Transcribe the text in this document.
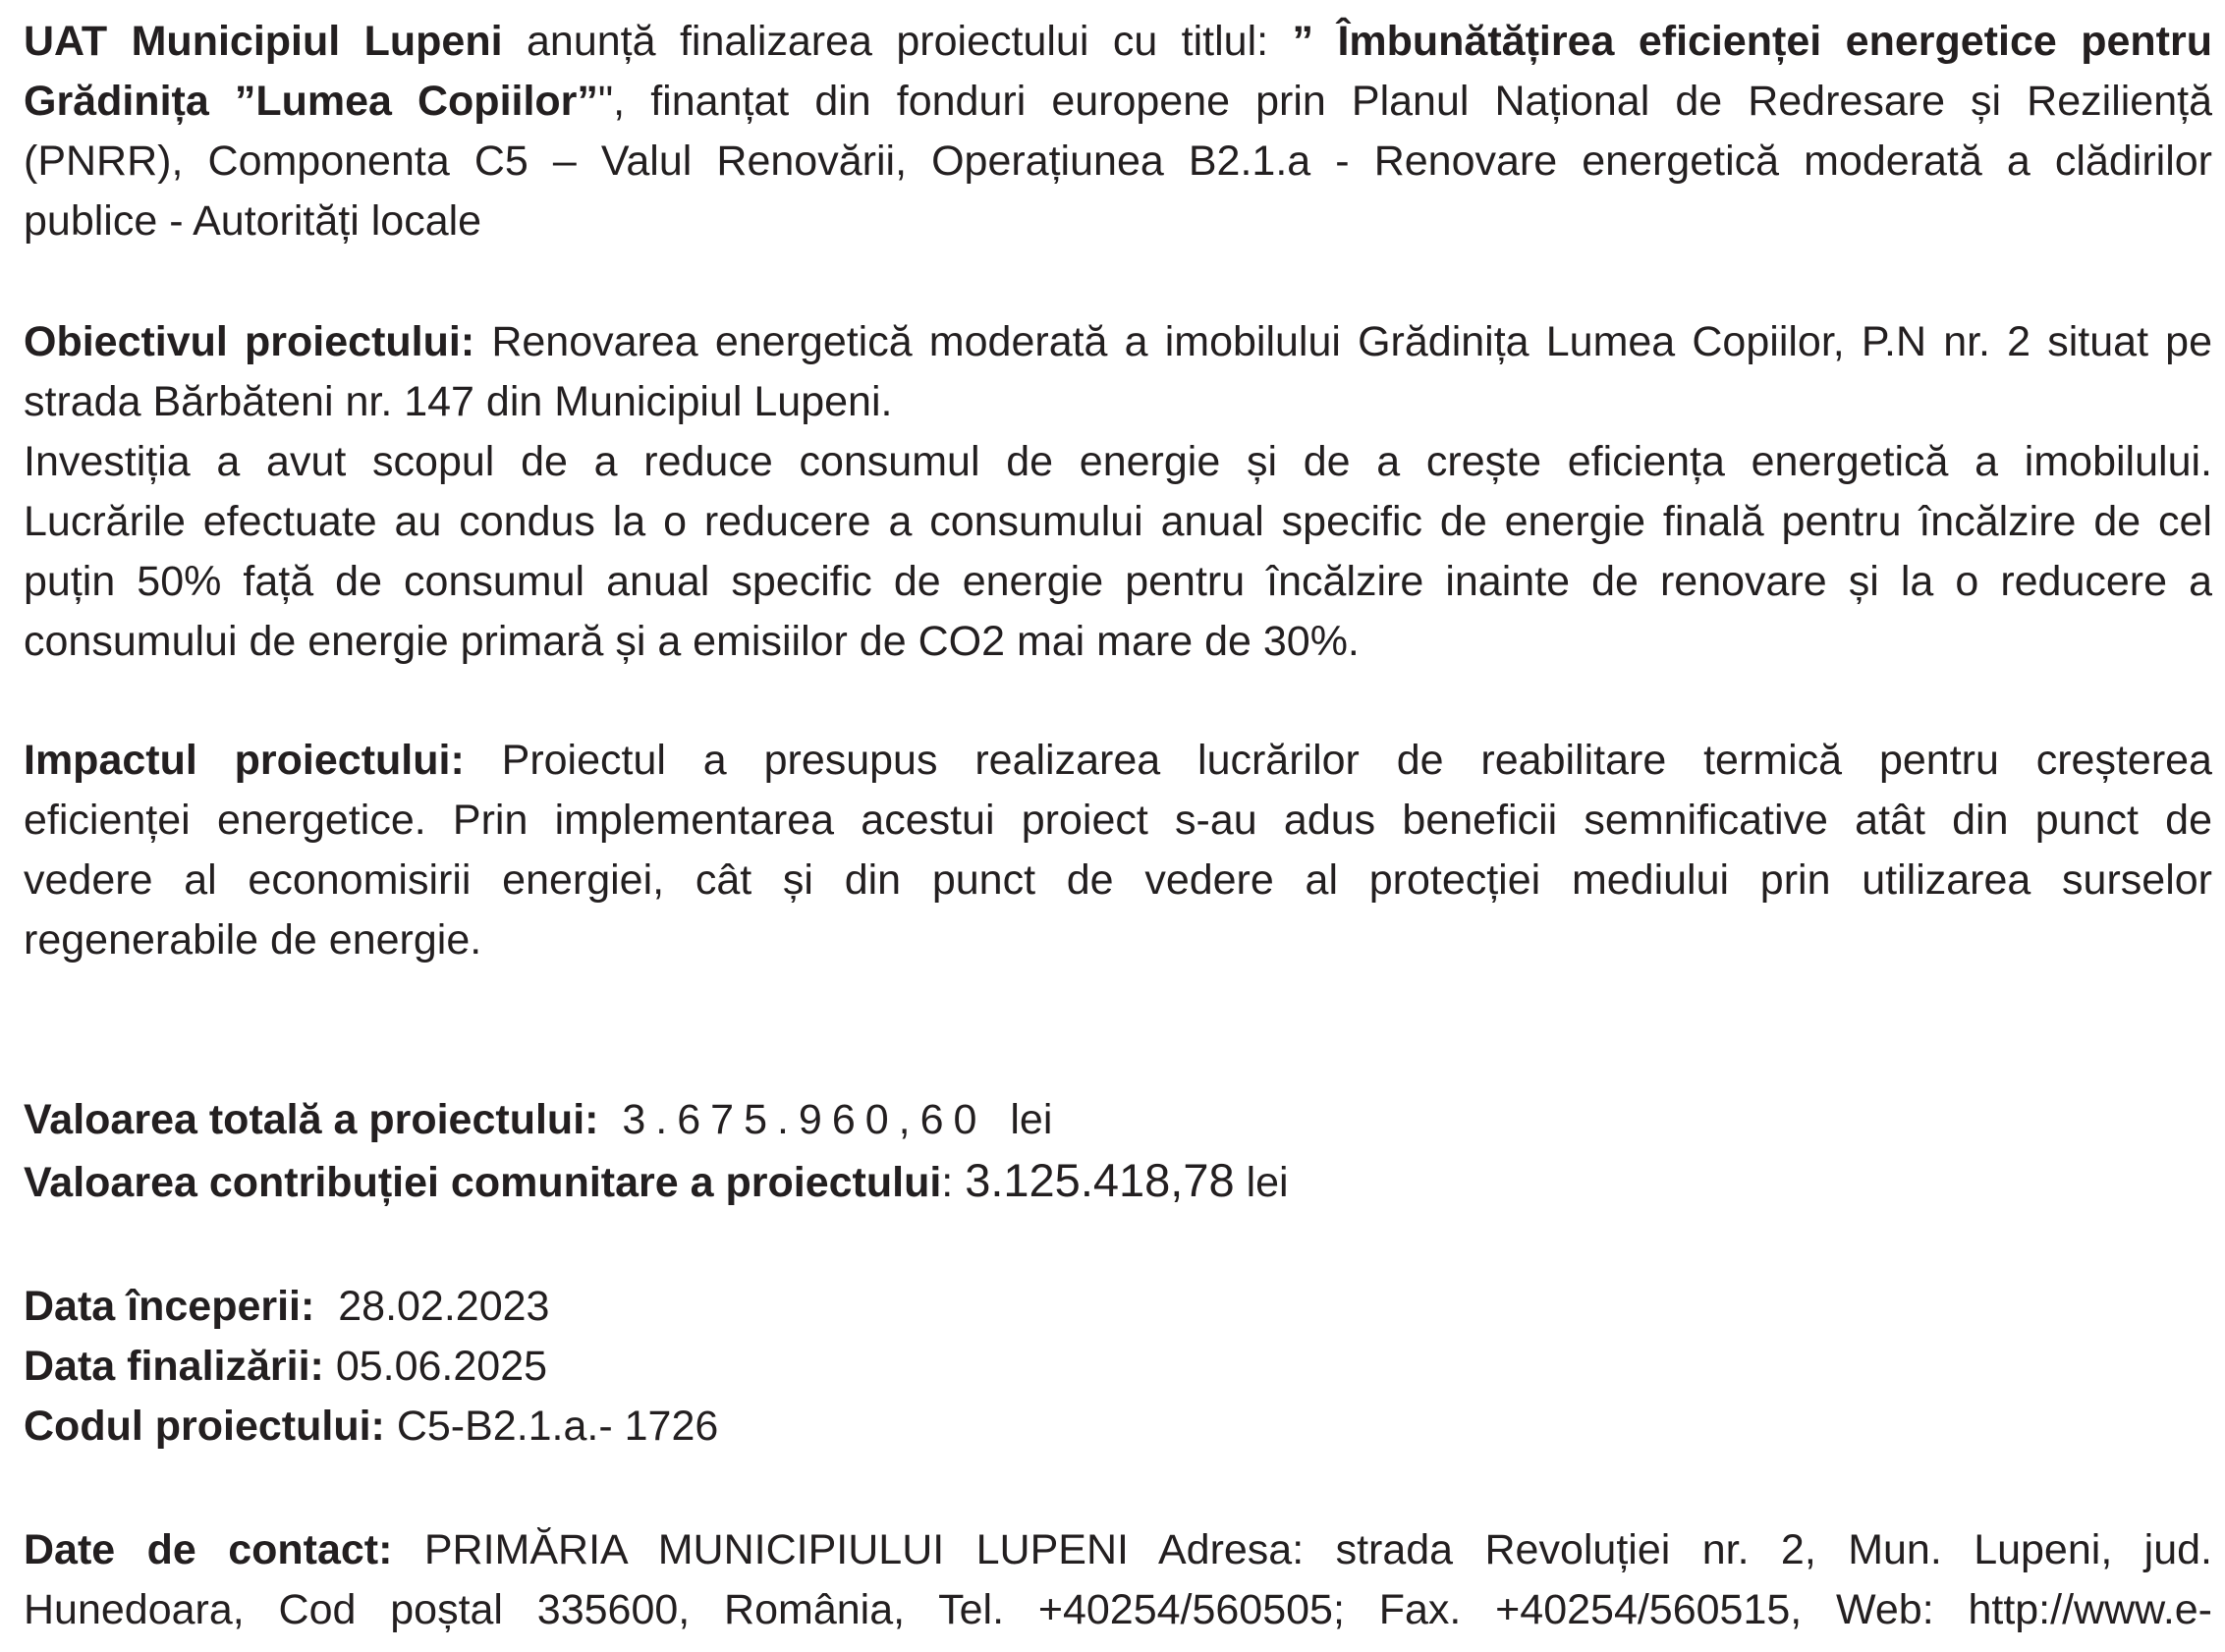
UAT Municipiul Lupeni anunță finalizarea proiectului cu titlul: ” Îmbunătățirea eficienței energetice pentru
Grădinița ”Lumea Copiilor”", finanțat din fonduri europene prin Planul Național de Redresare și Reziliență
(PNRR), Componenta C5 – Valul Renovării, Operațiunea B2.1.a - Renovare energetică moderată a clădirilor
publice - Autorități locale
Obiectivul proiectului: Renovarea energetică moderată a imobilului Grădinița Lumea Copiilor, P.N nr. 2 situat pe
strada Bărbăteni nr. 147 din Municipiul Lupeni.
Investiția a avut scopul de a reduce consumul de energie și de a crește eficiența energetică a imobilului.
Lucrările efectuate au condus la o reducere a consumului anual specific de energie finală pentru încălzire de cel
puțin 50% față de consumul anual specific de energie pentru încălzire inainte de renovare și la o reducere a
consumului de energie primară și a emisiilor de CO2 mai mare de 30%.
Impactul proiectului: Proiectul a presupus realizarea lucrărilor de reabilitare termică pentru creșterea
eficienței energetice. Prin implementarea acestui proiect s-au adus beneficii semnificative atât din punct de
vedere al economisirii energiei, cât și din punct de vedere al protecției mediului prin utilizarea surselor
regenerabile de energie.
Valoarea totală a proiectului: 3.675.960,60 lei
Valoarea contribuției comunitare a proiectului: 3.125.418,78 lei
Data începerii: 28.02.2023
Data finalizării: 05.06.2025
Codul proiectului: C5-B2.1.a.- 1726
Date de contact: PRIMĂRIA MUNICIPIULUI LUPENI Adresa: strada Revoluției nr. 2, Mun. Lupeni, jud.
Hunedoara, Cod poștal 335600, România, Tel. +40254/560505; Fax. +40254/560515, Web: http://www.e-
